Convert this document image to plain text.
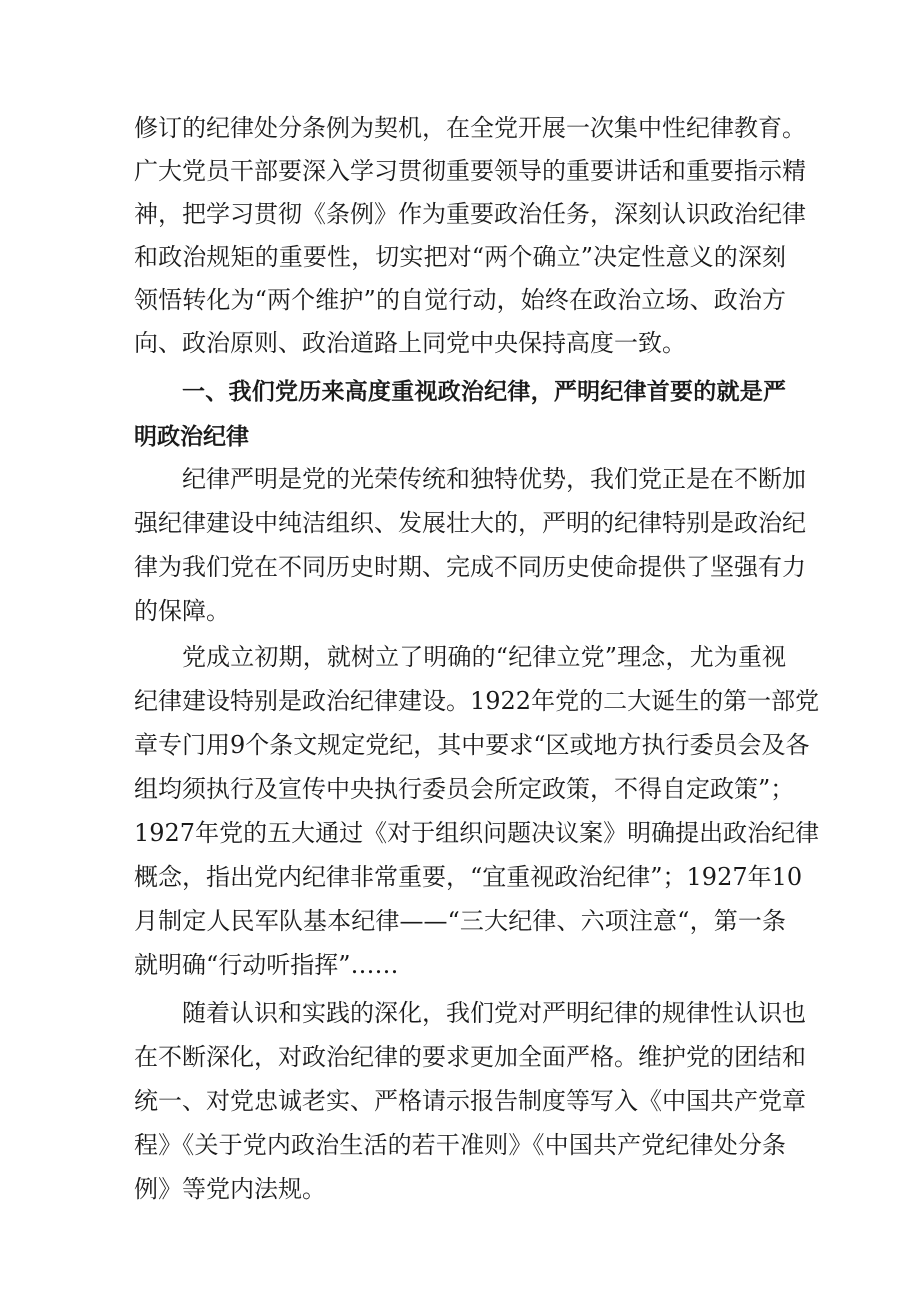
修订的纪律处分条例为契机，在全党开展一次集中性纪律教育。
广大党员干部要深入学习贯彻重要领导的重要讲话和重要指示精
神，把学习贯彻《条例》作为重要政治任务，深刻认识政治纪律
和政治规矩的重要性，切实把对“两个确立”决定性意义的深刻
领悟转化为“两个维护”的自觉行动，始终在政治立场、政治方
向、政治原则、政治道路上同党中央保持高度一致。
一、我们党历来高度重视政治纪律，严明纪律首要的就是严
明政治纪律
纪律严明是党的光荣传统和独特优势，我们党正是在不断加
强纪律建设中纯洁组织、发展壮大的，严明的纪律特别是政治纪
律为我们党在不同历史时期、完成不同历史使命提供了坚强有力
的保障。
党成立初期，就树立了明确的“纪律立党”理念，尤为重视
纪律建设特别是政治纪律建设。1922年党的二大诞生的第一部党
章专门用9个条文规定党纪，其中要求“区或地方执行委员会及各
组均须执行及宣传中央执行委员会所定政策，不得自定政策”；
1927年党的五大通过《对于组织问题决议案》明确提出政治纪律
概念，指出党内纪律非常重要，“宜重视政治纪律”；1927年10
月制定人民军队基本纪律——“三大纪律、六项注意“，第一条
就明确“行动听指挥”……
随着认识和实践的深化，我们党对严明纪律的规律性认识也
在不断深化，对政治纪律的要求更加全面严格。维护党的团结和
统一、对党忠诚老实、严格请示报告制度等写入《中国共产党章
程》《关于党内政治生活的若干准则》《中国共产党纪律处分条
例》等党内法规。
